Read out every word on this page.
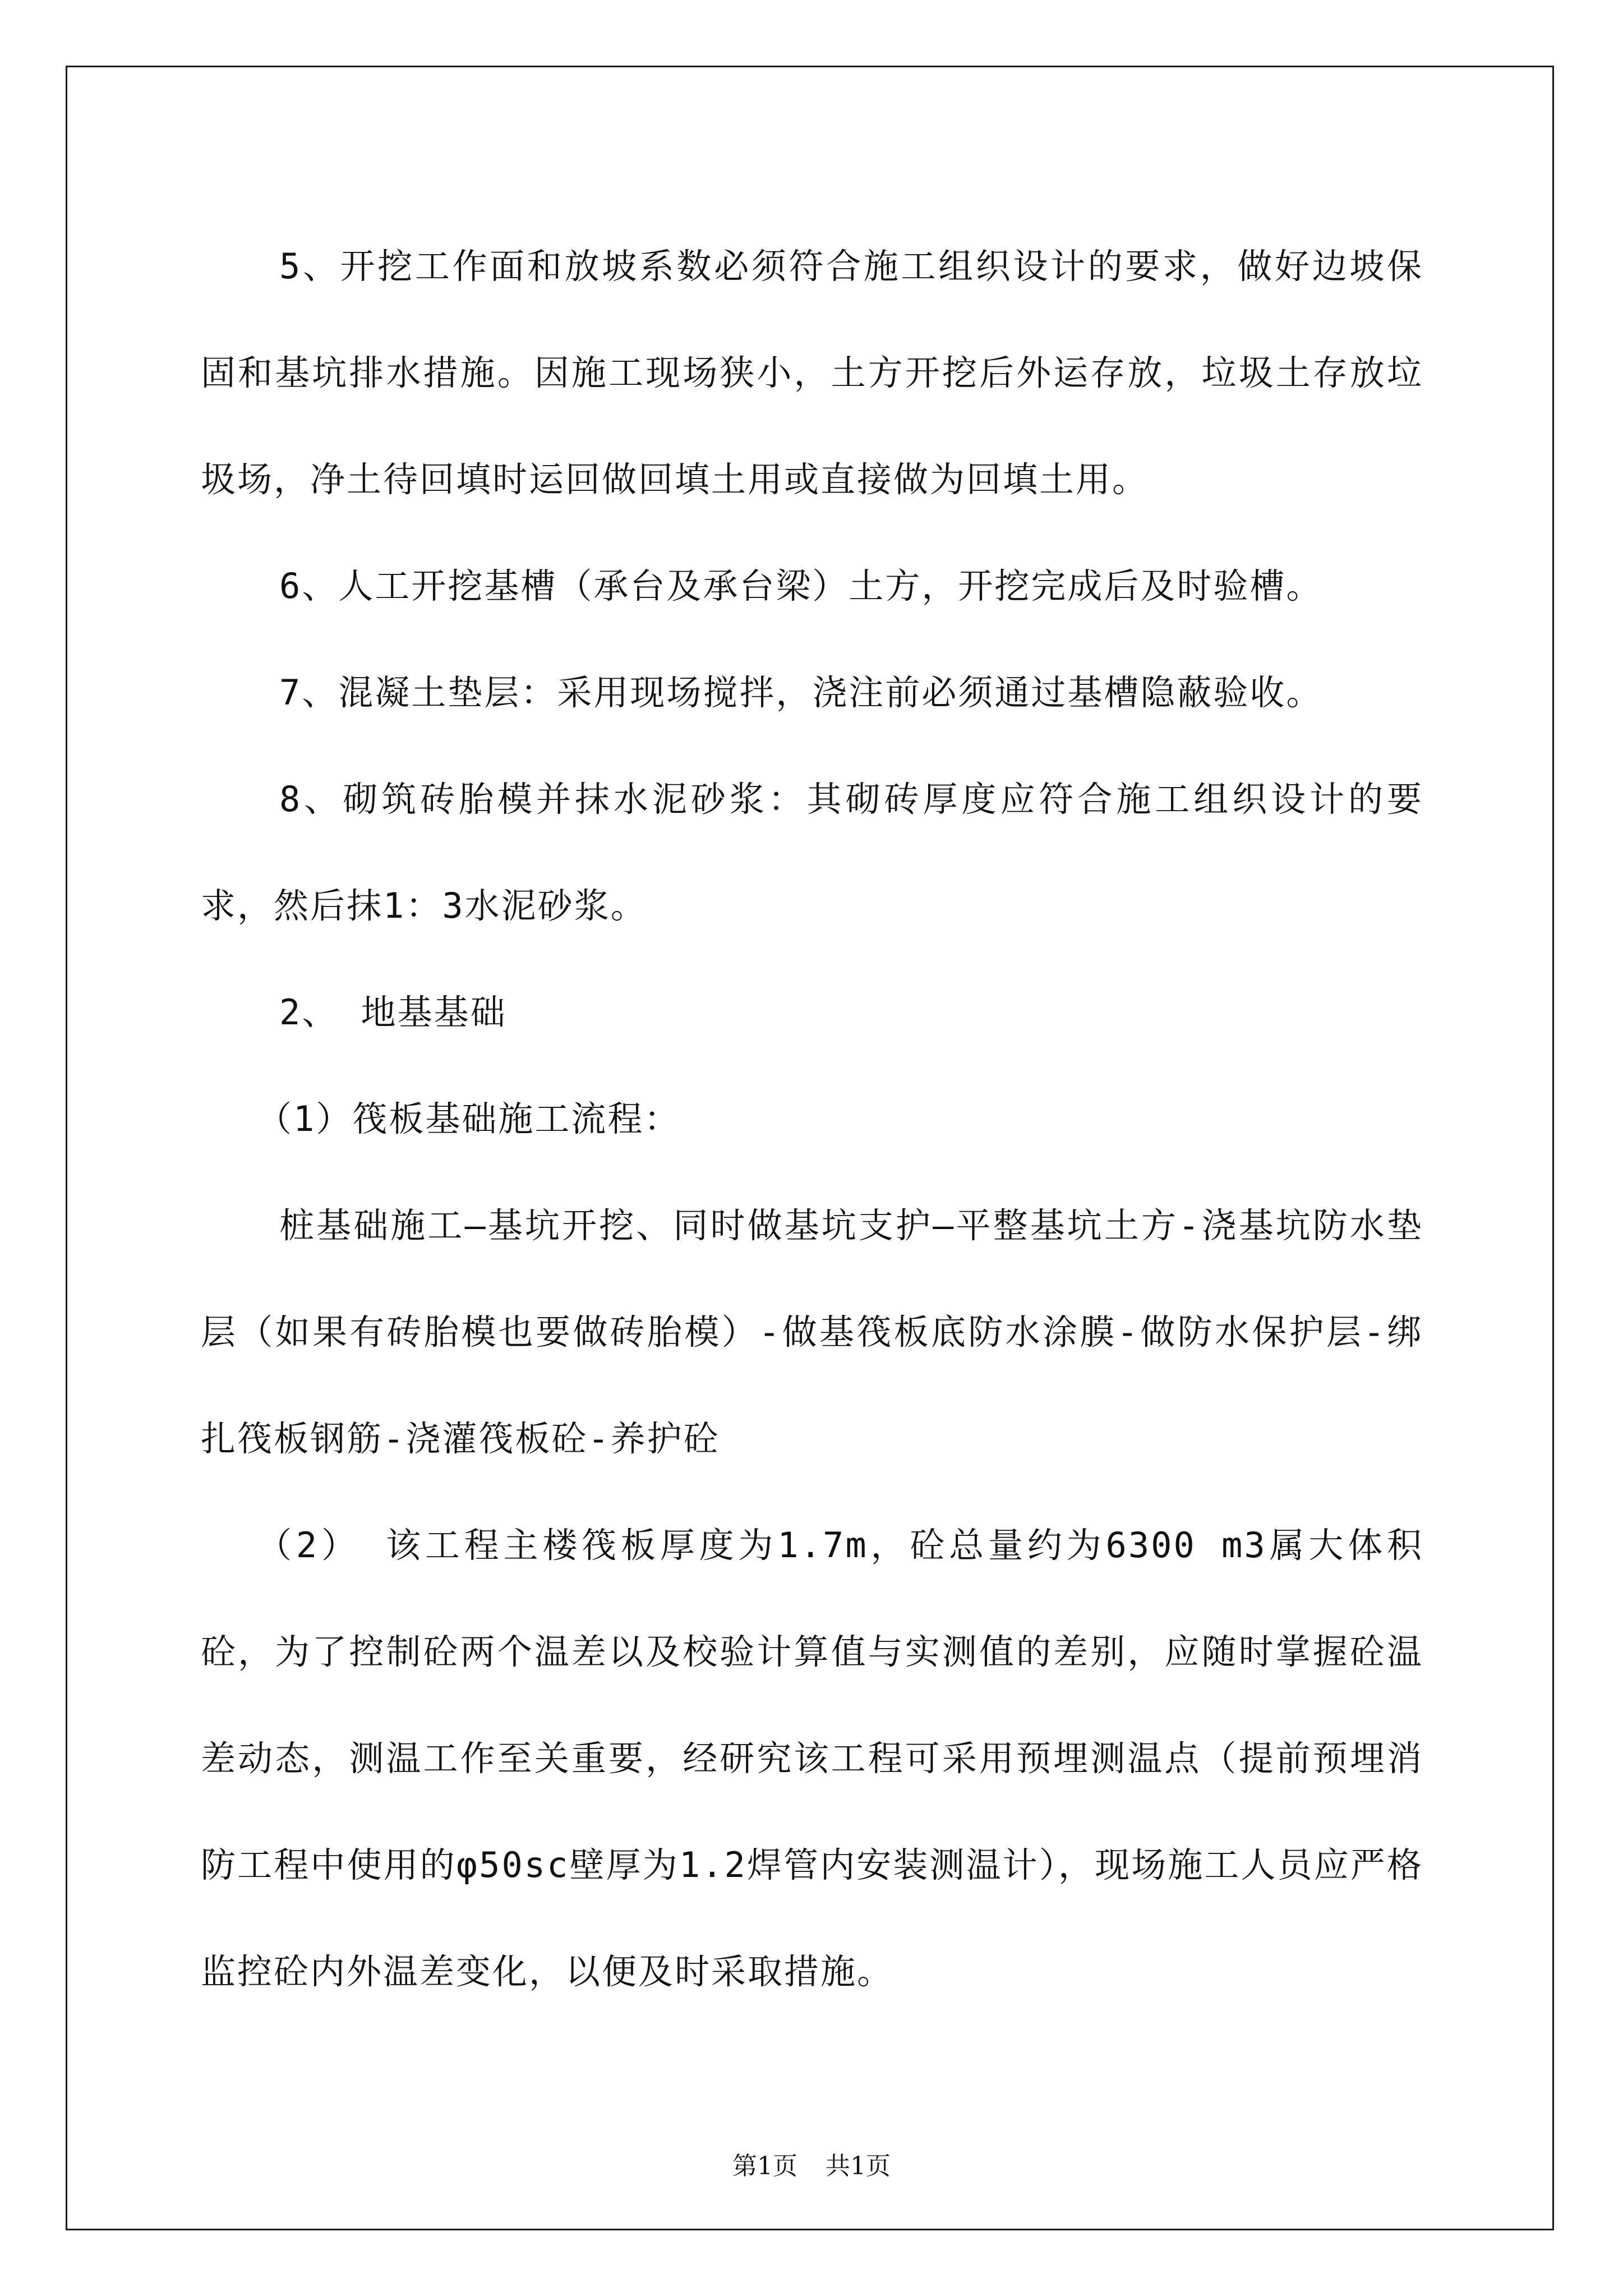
5、开挖工作面和放坡系数必须符合施工组织设计的要求，做好边坡保固和基坑排水措施。因施工现场狭小，土方开挖后外运存放，垃圾土存放垃圾场，净土待回填时运回做回填土用或直接做为回填土用。

6、人工开挖基槽（承台及承台梁）土方，开挖完成后及时验槽。

7、混凝土垫层：采用现场搅拌，浇注前必须通过基槽隐蔽验收。

8、砌筑砖胎模并抹水泥砂浆：其砌砖厚度应符合施工组织设计的要求，然后抹1：3水泥砂浆。

2、 地基基础

（1）筏板基础施工流程：

桩基础施工—基坑开挖、同时做基坑支护—平整基坑土方-浇基坑防水垫层（如果有砖胎模也要做砖胎模）-做基筏板底防水涂膜-做防水保护层-绑扎筏板钢筋-浇灌筏板砼-养护砼

（2） 该工程主楼筏板厚度为1.7m，砼总量约为6300 m3属大体积砼，为了控制砼两个温差以及校验计算值与实测值的差别，应随时掌握砼温差动态，测温工作至关重要，经研究该工程可采用预埋测温点（提前预埋消防工程中使用的φ50sc壁厚为1.2焊管内安装测温计），现场施工人员应严格监控砼内外温差变化，以便及时采取措施。

第1页 共1页
